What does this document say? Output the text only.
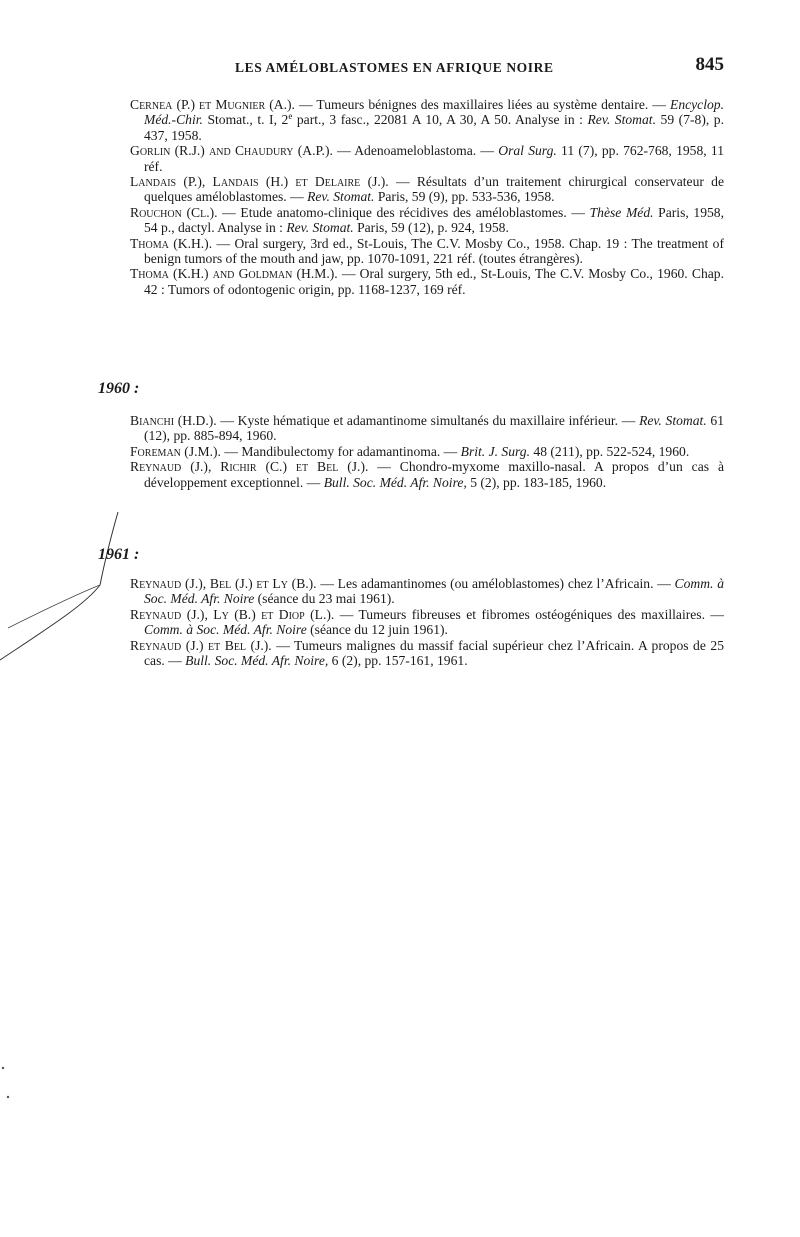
LES AMÉLOBLASTOMES EN AFRIQUE NOIRE	845

Cernea (P.) et Mugnier (A.). — Tumeurs bénignes des maxillaires liées au système dentaire. — Encyclop. Méd.-Chir. Stomat., t. I, 2e part., 3 fasc., 22081 A 10, A 30, A 50. Analyse in : Rev. Stomat. 59 (7-8), p. 437, 1958.

Gorlin (R.J.) and Chaudury (A.P.). — Adenoameloblastoma. — Oral Surg. 11 (7), pp. 762-768, 1958, 11 réf.

Landais (P.), Landais (H.) et Delaire (J.). — Résultats d’un traitement chirurgical conservateur de quelques améloblastomes. — Rev. Stomat. Paris, 59 (9), pp. 533-536, 1958.

Rouchon (Cl.). — Etude anatomo-clinique des récidives des améloblastomes. — Thèse Méd. Paris, 1958, 54 p., dactyl. Analyse in : Rev. Stomat. Paris, 59 (12), p. 924, 1958.

Thoma (K.H.). — Oral surgery, 3rd ed., St-Louis, The C.V. Mosby Co., 1958. Chap. 19 : The treatment of benign tumors of the mouth and jaw, pp. 1070-1091, 221 réf. (toutes étrangères).

Thoma (K.H.) and Goldman (H.M.). — Oral surgery, 5th ed., St-Louis, The C.V. Mosby Co., 1960. Chap. 42 : Tumors of odontogenic origin, pp. 1168-1237, 169 réf.

1960 :

Bianchi (H.D.). — Kyste hématique et adamantinome simultanés du maxillaire inférieur. — Rev. Stomat. 61 (12), pp. 885-894, 1960.

Foreman (J.M.). — Mandibulectomy for adamantinoma. — Brit. J. Surg. 48 (211), pp. 522-524, 1960.

Reynaud (J.), Richir (C.) et Bel (J.). — Chondro-myxome maxillo-nasal. A propos d’un cas à développement exceptionnel. — Bull. Soc. Méd. Afr. Noire, 5 (2), pp. 183-185, 1960.

1961 :

Reynaud (J.), Bel (J.) et Ly (B.). — Les adamantinomes (ou améloblastomes) chez l’Africain. — Comm. à Soc. Méd. Afr. Noire (séance du 23 mai 1961).

Reynaud (J.), Ly (B.) et Diop (L.). — Tumeurs fibreuses et fibromes ostéogéniques des maxillaires. — Comm. à Soc. Méd. Afr. Noire (séance du 12 juin 1961).

Reynaud (J.) et Bel (J.). — Tumeurs malignes du massif facial supérieur chez l’Africain. A propos de 25 cas. — Bull. Soc. Méd. Afr. Noire, 6 (2), pp. 157-161, 1961.
